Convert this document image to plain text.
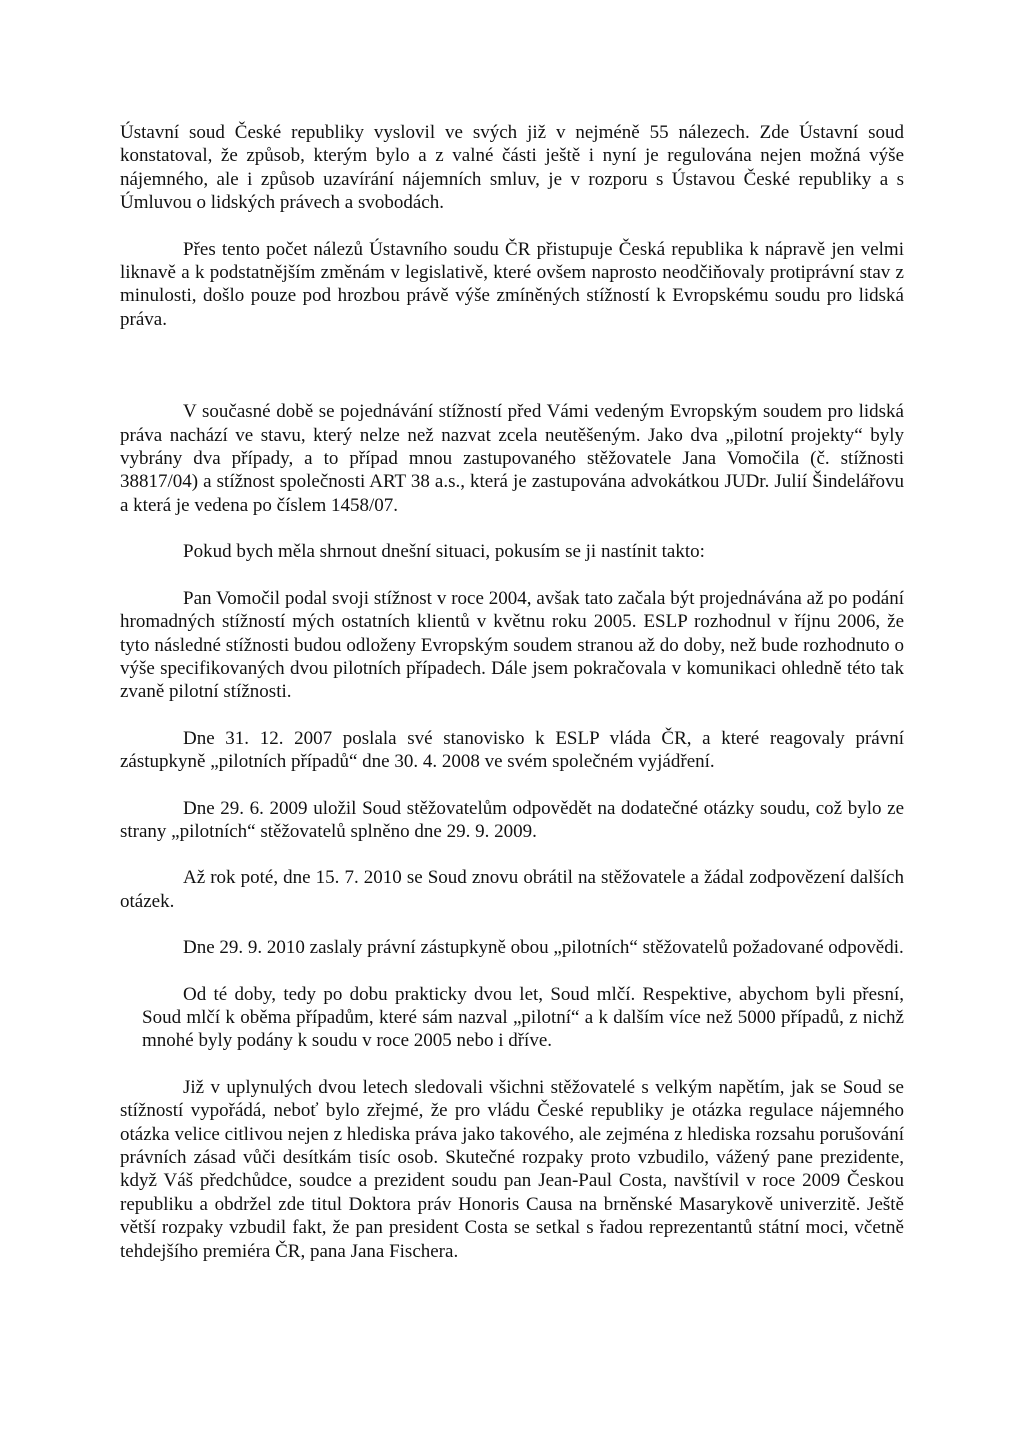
Ústavní soud České republiky vyslovil ve svých již v nejméně 55 nálezech. Zde Ústavní soud konstatoval, že způsob, kterým bylo a z valné části ještě i nyní je regulována nejen možná výše nájemného, ale i způsob uzavírání nájemních smluv, je v rozporu s Ústavou České republiky a s Úmluvou o lidských právech a svobodách.

Přes tento počet nálezů Ústavního soudu ČR přistupuje Česká republika k nápravě jen velmi liknavě a k podstatnějším změnám v legislativě, které ovšem naprosto neodčiňovaly protiprávní stav z minulosti, došlo pouze pod hrozbou právě výše zmíněných stížností k Evropskému soudu pro lidská práva.

V současné době se pojednávání stížností před Vámi vedeným Evropským soudem pro lidská práva nachází ve stavu, který nelze než nazvat zcela neutěšeným. Jako dva „pilotní projekty“ byly vybrány dva případy, a to případ mnou zastupovaného stěžovatele Jana Vomočila (č. stížnosti 38817/04) a stížnost společnosti ART 38 a.s., která je zastupována advokátkou JUDr. Julií Šindelářovu a která je vedena po číslem 1458/07.

Pokud bych měla shrnout dnešní situaci, pokusím se ji nastínit takto:

Pan Vomočil podal svoji stížnost v roce 2004, avšak tato začala být projednávána až po podání hromadných stížností mých ostatních klientů v květnu roku 2005. ESLP rozhodnul v říjnu 2006, že tyto následné stížnosti budou odloženy Evropským soudem stranou až do doby, než bude rozhodnuto o výše specifikovaných dvou pilotních případech. Dále jsem pokračovala v komunikaci ohledně této tak zvaně pilotní stížnosti.

Dne 31. 12. 2007 poslala své stanovisko k ESLP vláda ČR, a které reagovaly právní zástupkyně „pilotních případů“ dne 30. 4. 2008 ve svém společném vyjádření.

Dne 29. 6. 2009 uložil Soud stěžovatelům odpovědět na dodatečné otázky soudu, což bylo ze strany „pilotních“ stěžovatelů splněno dne 29. 9. 2009.

Až rok poté, dne 15. 7. 2010 se Soud znovu obrátil na stěžovatele a žádal zodpovězení dalších otázek.

Dne 29. 9. 2010 zaslaly právní zástupkyně obou „pilotních“ stěžovatelů požadované odpovědi.

Od té doby, tedy po dobu prakticky dvou let, Soud mlčí. Respektive, abychom byli přesní, Soud mlčí k oběma případům, které sám nazval „pilotní“ a k dalším více než 5000 případů, z nichž mnohé byly podány k soudu v roce 2005 nebo i dříve.

Již v uplynulých dvou letech sledovali všichni stěžovatelé s velkým napětím, jak se Soud se stížností vypořádá, neboť bylo zřejmé, že pro vládu České republiky je otázka regulace nájemného otázka velice citlivou nejen z hlediska práva jako takového, ale zejména z hlediska rozsahu porušování právních zásad vůči desítkám tisíc osob. Skutečné rozpaky proto vzbudilo, vážený pane prezidente, když Váš předchůdce, soudce a prezident soudu pan Jean-Paul Costa, navštívil v roce 2009 Českou republiku a obdržel zde titul Doktora práv Honoris Causa na brněnské Masarykově univerzitě. Ještě větší rozpaky vzbudil fakt, že pan president Costa se setkal s řadou reprezentantů státní moci, včetně tehdejšího premiéra ČR, pana Jana Fischera.
